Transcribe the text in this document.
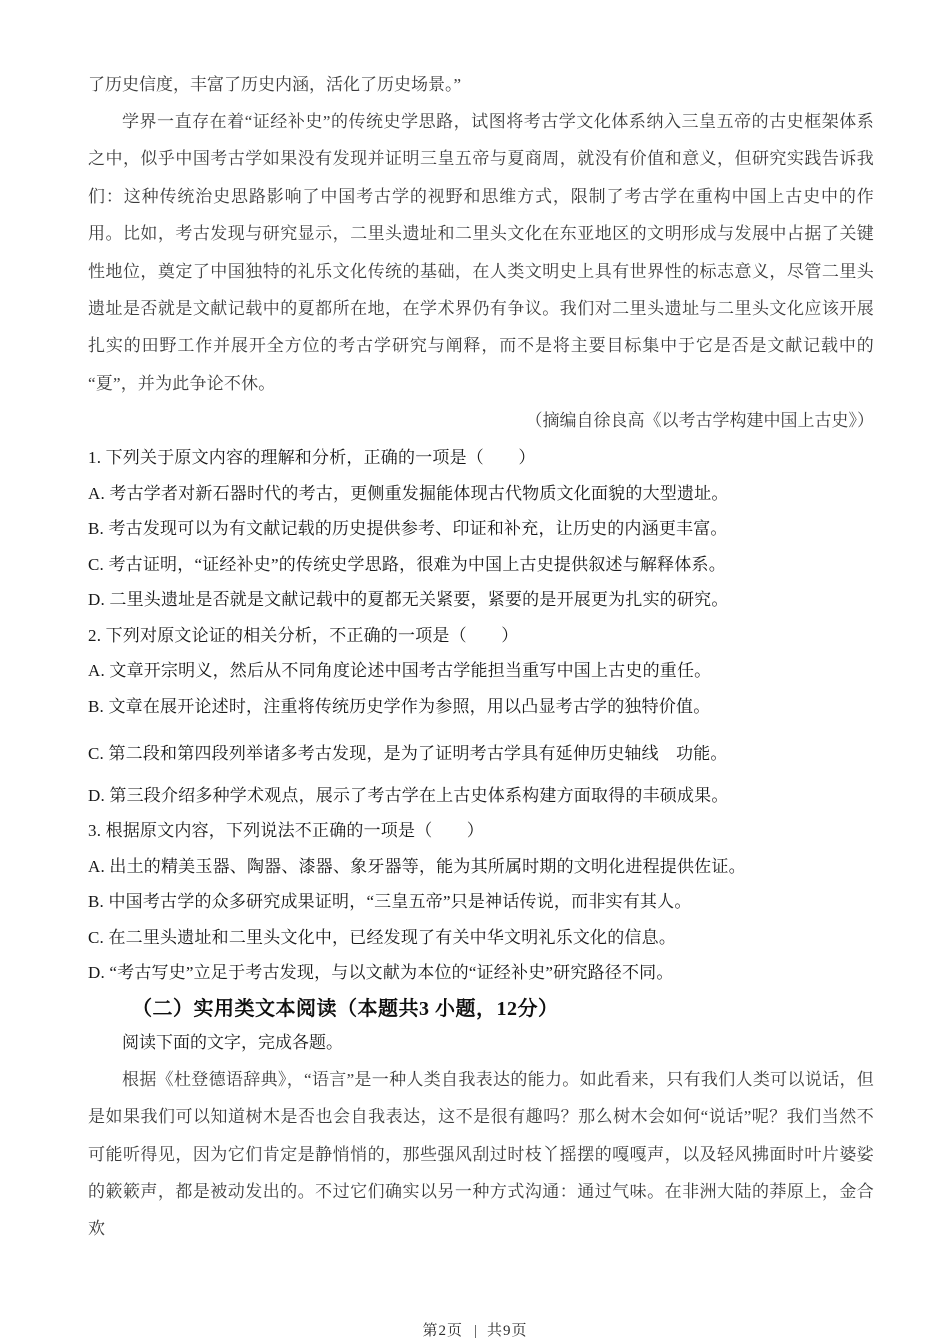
了历史信度，丰富了历史内涵，活化了历史场景。”

学界一直存在着“证经补史”的传统史学思路，试图将考古学文化体系纳入三皇五帝的古史框架体系之中，似乎中国考古学如果没有发现并证明三皇五帝与夏商周，就没有价值和意义，但研究实践告诉我们：这种传统治史思路影响了中国考古学的视野和思维方式，限制了考古学在重构中国上古史中的作用。比如，考古发现与研究显示，二里头遗址和二里头文化在东亚地区的文明形成与发展中占据了关键性地位，奠定了中国独特的礼乐文化传统的基础，在人类文明史上具有世界性的标志意义，尽管二里头遗址是否就是文献记载中的夏都所在地，在学术界仍有争议。我们对二里头遗址与二里头文化应该开展扎实的田野工作并展开全方位的考古学研究与阐释，而不是将主要目标集中于它是否是文献记载中的“夏”，并为此争论不休。

（摘编自徐良高《以考古学构建中国上古史》）

1. 下列关于原文内容的理解和分析，正确的一项是（　　）

A. 考古学者对新石器时代的考古，更侧重发掘能体现古代物质文化面貌的大型遗址。

B. 考古发现可以为有文献记载的历史提供参考、印证和补充，让历史的内涵更丰富。

C. 考古证明，“证经补史”的传统史学思路，很难为中国上古史提供叙述与解释体系。

D. 二里头遗址是否就是文献记载中的夏都无关紧要，紧要的是开展更为扎实的研究。

2. 下列对原文论证的相关分析，不正确的一项是（　　）

A. 文章开宗明义，然后从不同角度论述中国考古学能担当重写中国上古史的重任。

B. 文章在展开论述时，注重将传统历史学作为参照，用以凸显考古学的独特价值。

C. 第二段和第四段列举诸多考古发现，是为了证明考古学具有延伸历史轴线　功能。

D. 第三段介绍多种学术观点，展示了考古学在上古史体系构建方面取得的丰硕成果。

3. 根据原文内容，下列说法不正确的一项是（　　）

A. 出土的精美玉器、陶器、漆器、象牙器等，能为其所属时期的文明化进程提供佐证。

B. 中国考古学的众多研究成果证明，“三皇五帝”只是神话传说，而非实有其人。

C. 在二里头遗址和二里头文化中，已经发现了有关中华文明礼乐文化的信息。

D. “考古写史”立足于考古发现，与以文献为本位的“证经补史”研究路径不同。

（二）实用类文本阅读（本题共3 小题，12分）

阅读下面的文字，完成各题。

根据《杜登德语辞典》，“语言”是一种人类自我表达的能力。如此看来，只有我们人类可以说话，但是如果我们可以知道树木是否也会自我表达，这不是很有趣吗？那么树木会如何“说话”呢？我们当然不可能听得见，因为它们肯定是静悄悄的，那些强风刮过时枝丫摇摆的嘎嘎声，以及轻风拂面时叶片婆娑的簌簌声，都是被动发出的。不过它们确实以另一种方式沟通：通过气味。在非洲大陆的莽原上，金合欢

第2页 | 共9页
